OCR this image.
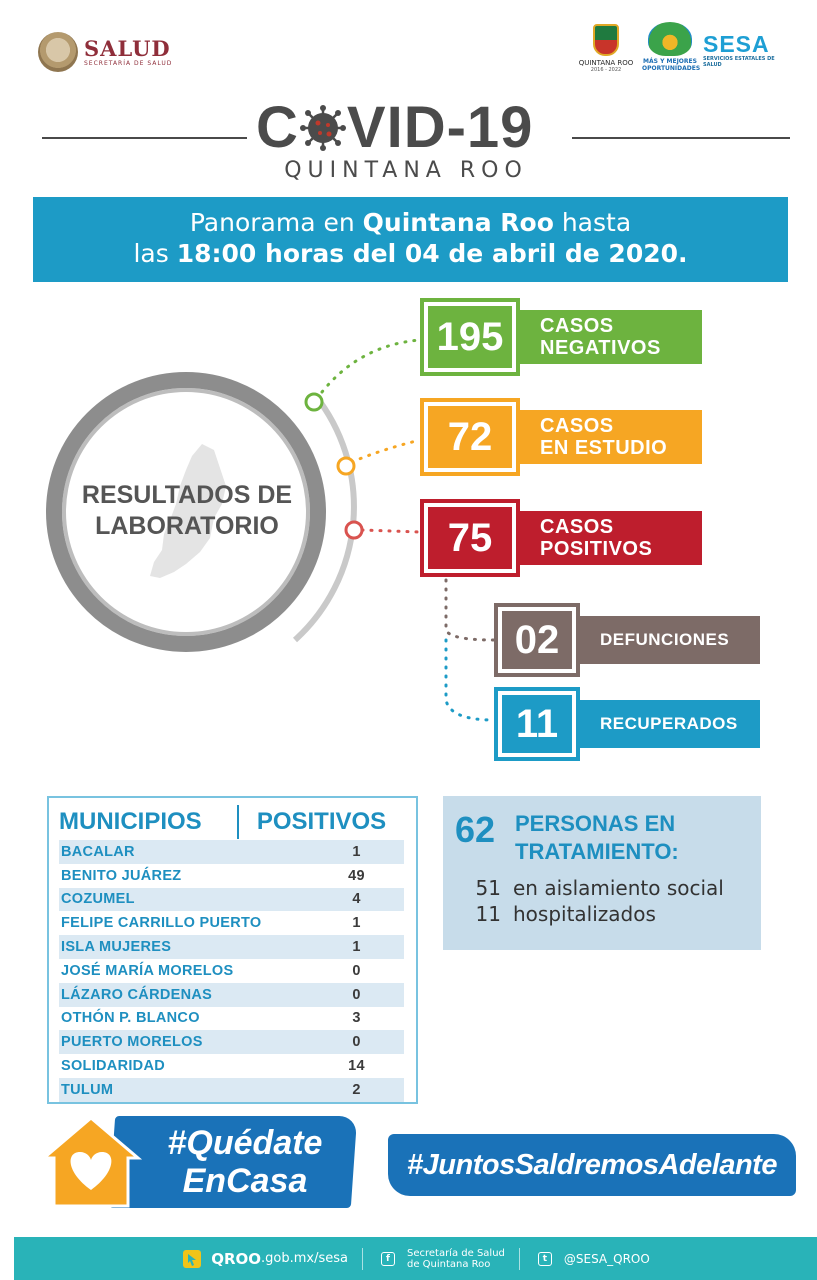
SALUD
SECRETARÍA DE SALUD	QUINTANA ROO
2016 - 2022
MÁS Y MEJORES OPORTUNIDADES
SESA
SERVICIOS ESTATALES DE SALUD
C VID-19
QUINTANA ROO
Panorama en Quintana Roo hasta
las 18:00 horas del 04 de abril de 2020.
RESULTADOS DE
LABORATORIO
195 CASOS
NEGATIVOS
72 CASOS
EN ESTUDIO
75 CASOS
POSITIVOS
02 DEFUNCIONES
11 RECUPERADOS
MUNICIPIOS	POSITIVOS
BACALAR	1
BENITO JUÁREZ	49
COZUMEL	4
FELIPE CARRILLO PUERTO	1
ISLA MUJERES	1
JOSÉ MARÍA MORELOS	0
LÁZARO CÁRDENAS	0
OTHÓN P. BLANCO	3
PUERTO MORELOS	0
SOLIDARIDAD	14
TULUM	2
62 PERSONAS EN
TRATAMIENTO:
51 en aislamiento social
11 hospitalizados
#Quédate
EnCasa	#JuntosSaldremosAdelante
QROO .gob.mx/sesa	f	Secretaría de Salud
de Quintana Roo	t	@SESA_QROO
